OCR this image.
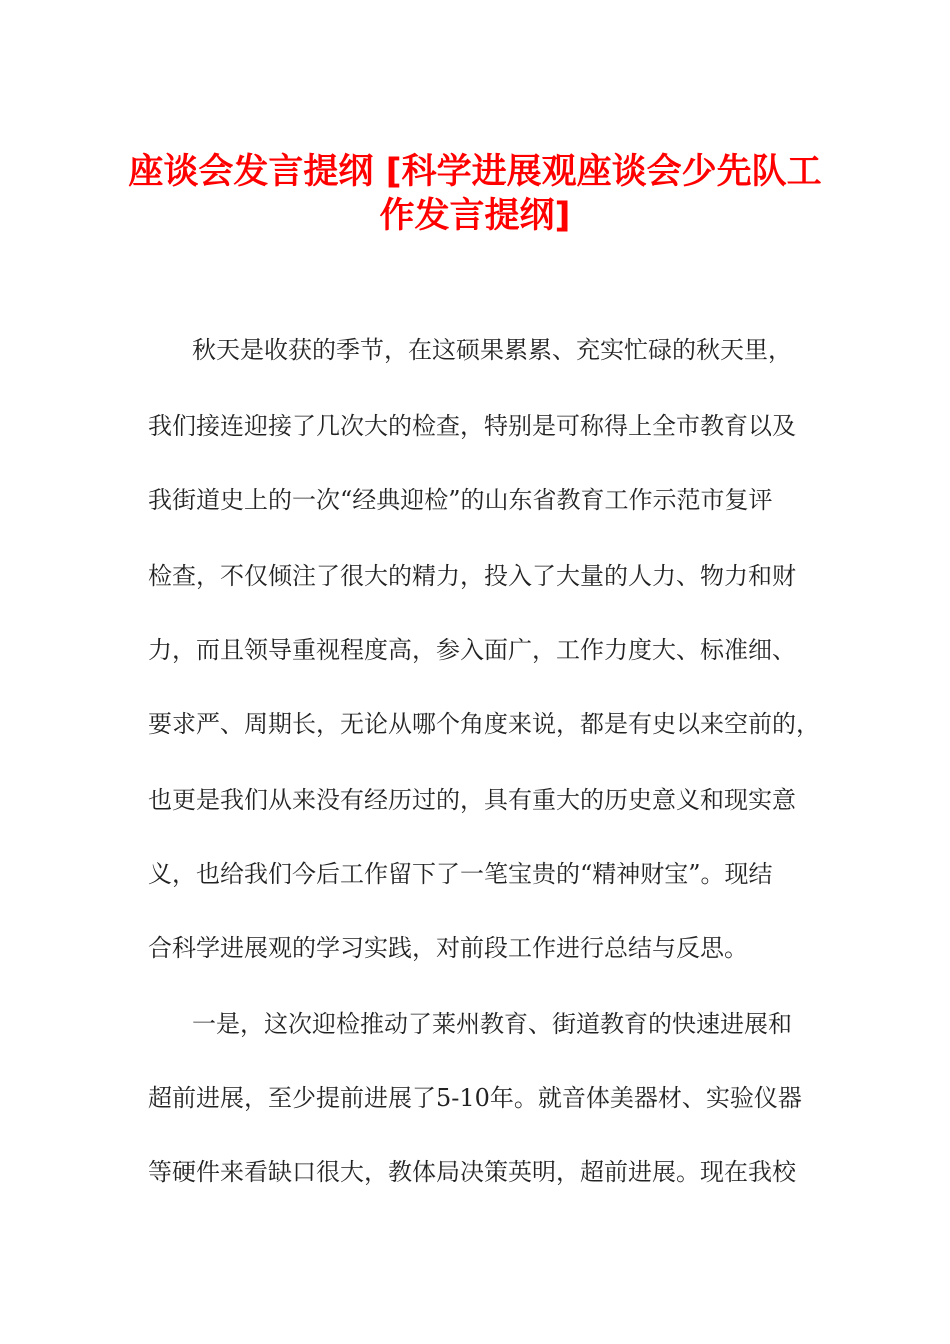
座谈会发言提纲 [科学进展观座谈会少先队工
作发言提纲]

秋天是收获的季节，在这硕果累累、充实忙碌的秋天里，

我们接连迎接了几次大的检查，特别是可称得上全市教育以及

我街道史上的一次“经典迎检”的山东省教育工作示范市复评

检查，不仅倾注了很大的精力，投入了大量的人力、物力和财

力，而且领导重视程度高，参入面广，工作力度大、标准细、

要求严、周期长，无论从哪个角度来说，都是有史以来空前的，

也更是我们从来没有经历过的，具有重大的历史意义和现实意

义，也给我们今后工作留下了一笔宝贵的“精神财宝”。现结

合科学进展观的学习实践，对前段工作进行总结与反思。

一是，这次迎检推动了莱州教育、街道教育的快速进展和

超前进展，至少提前进展了5-10年。就音体美器材、实验仪器

等硬件来看缺口很大，教体局决策英明，超前进展。现在我校
